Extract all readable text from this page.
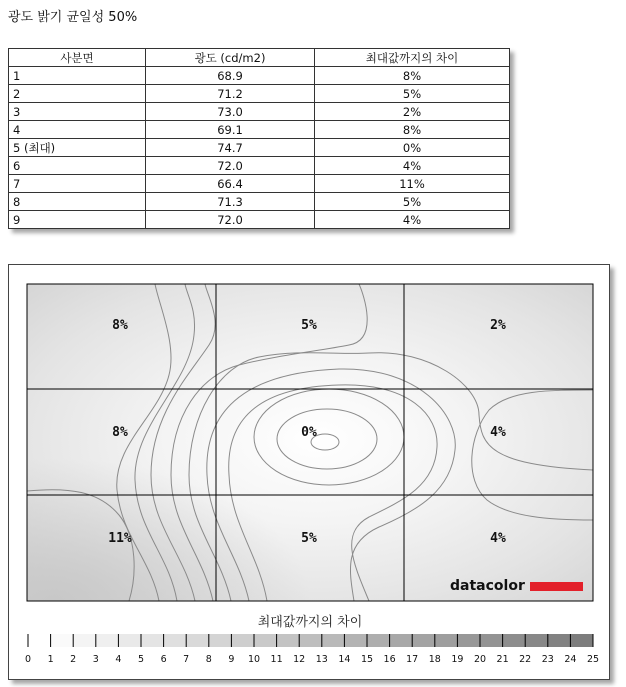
광도 밝기 균일성 50%
사분면	광도 (cd/m2)	최대값까지의 차이
1	68.9	8%
2	71.2	5%
3	73.0	2%
4	69.1	8%
5 (최대)	74.7	0%
6	72.0	4%
7	66.4	11%
8	71.3	5%
9	72.0	4%
8%	5%	2%
8%	0%	4%
11%	5%	4%
datacolor
최대값까지의 차이
0 1 2 3 4 5 6 7 8 9 10 11 12 13 14 15 16 17 18 19 20 21 22 23 24 25
